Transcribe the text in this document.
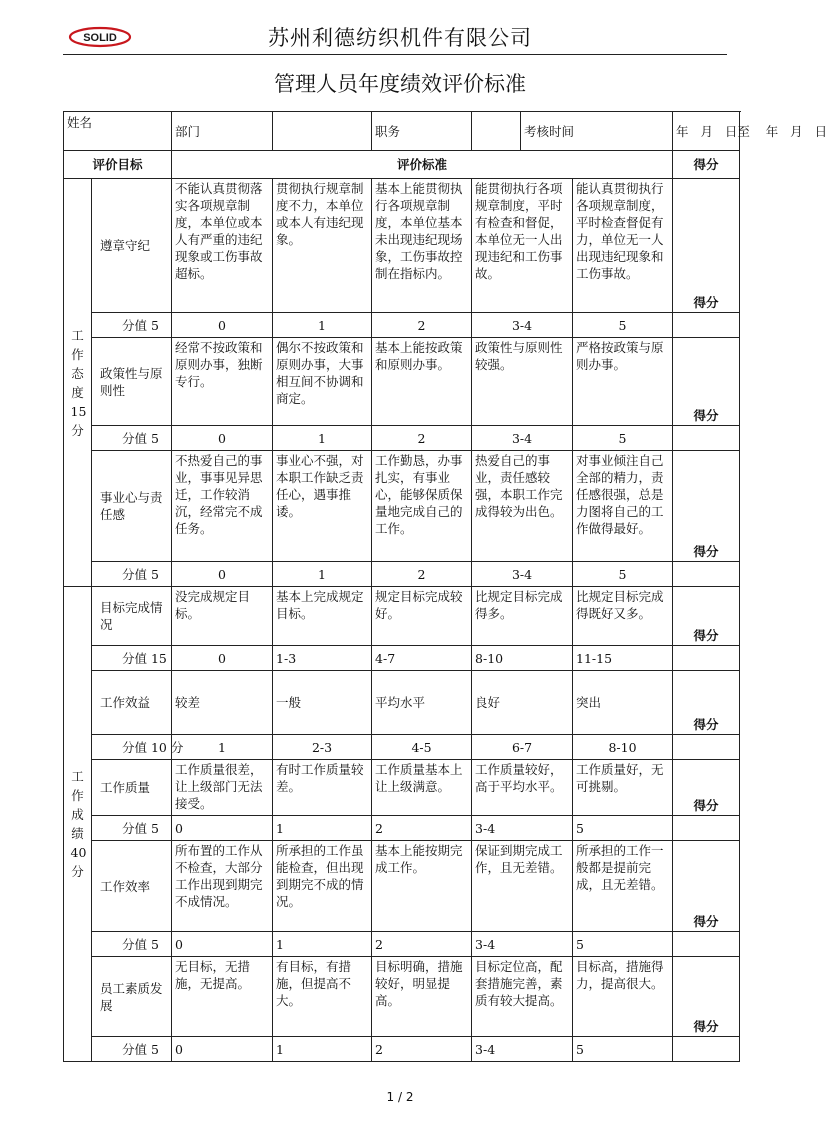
SOLID	苏州利德纺织机件有限公司
管理人员年度绩效评价标准
姓名		部门		职务		考核时间		年   月   日至    年   月   日
评价目标		评价标准						得分

工作态度15分	遵章守纪	不能认真贯彻落实各项规章制度，本单位或本人有严重的违纪现象或工伤事故超标。	贯彻执行规章制度不力，本单位或本人有违纪现象。	基本上能贯彻执行各项规章制度，本单位基本未出现违纪现场象，工伤事故控制在指标内。	能贯彻执行各项规章制度，平时有检查和督促，本单位无一人出现违纪和工伤事故。		能认真贯彻执行各项规章制度，平时检查督促有力，单位无一人出现违纪现象和工伤事故。	得分
	分值 5	0	1	2	3-4		5	
	政策性与原则性	经常不按政策和原则办事，独断专行。	偶尔不按政策和原则办事，大事相互间不协调和商定。	基本上能按政策和原则办事。	政策性与原则性较强。		严格按政策与原则办事。	得分
	分值 5	0	1	2	3-4		5	
	事业心与责任感	不热爱自己的事业，事事见异思迁，工作较消沉，经常完不成任务。	事业心不强，对本职工作缺乏责任心，遇事推诿。	工作勤恳，办事扎实，有事业心，能够保质保量地完成自己的工作。	热爱自己的事业，责任感较强，本职工作完成得较为出色。		对事业倾注自己全部的精力，责任感很强，总是力图将自己的工作做得最好。	得分
	分值 5	0	1	2	3-4		5	

工作成绩40分	目标完成情况	没完成规定目标。	基本上完成规定目标。	规定目标完成较好。	比规定目标完成得多。		比规定目标完成得既好又多。	得分
	分值 15	0	1-3	4-7	8-10		11-15	
	工作效益	较差	一般	平均水平	良好		突出	得分
	分值 10 分	1	2-3	4-5	6-7		8-10	
	工作质量	工作质量很差，让上级部门无法接受。	有时工作质量较差。	工作质量基本上让上级满意。	工作质量较好，高于平均水平。		工作质量好，无可挑剔。	得分
	分值 5	0	1	2	3-4		5	
	工作效率	所布置的工作从不检查，大部分工作出现到期完不成情况。	所承担的工作虽能检查，但出现到期完不成的情况。	基本上能按期完成工作。	保证到期完成工作，且无差错。		所承担的工作一般都是提前完成，且无差错。	得分
	分值 5	0	1	2	3-4		5	
	员工素质发展	无目标，无措施，无提高。	有目标，有措施，但提高不大。	目标明确，措施较好，明显提高。	目标定位高，配套措施完善，素质有较大提高。		目标高，措施得力，提高很大。	得分
	分值 5	0	1	2	3-4		5	
1 / 2
